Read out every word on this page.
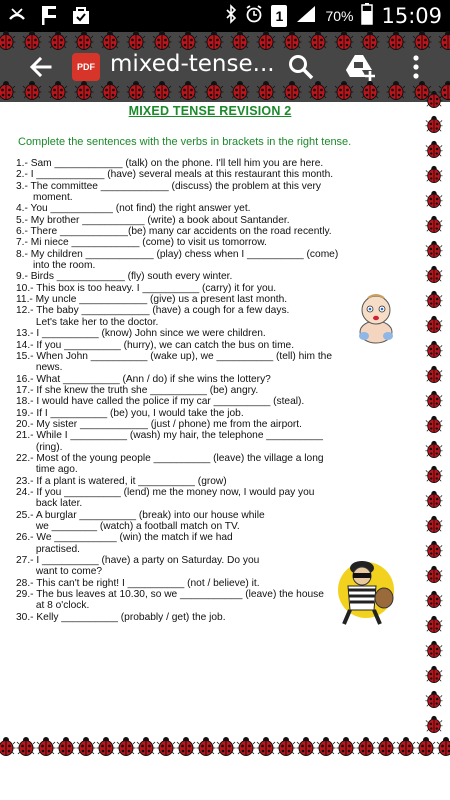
1	70% 15:09
PDF mixed-tense...
MIXED TENSE REVISION 2
Complete the sentences with the verbs in brackets in the right tense.
1.- Sam ____________ (talk) on the phone. I'll tell him you are here.
2.- I ____________ (have) several meals at this restaurant this month.
3.- The committee ____________ (discuss) the problem at this very
moment.
4.- You ___________ (not find) the right answer yet.
5.- My brother ___________ (write) a book about Santander.
6.- There ____________(be) many car accidents on the road recently.
7.- Mi niece ____________ (come) to visit us tomorrow.
8.- My children ____________ (play) chess when I __________ (come)
into the room.
9.- Birds ____________ (fly) south every winter.
10.- This box is too heavy. I __________ (carry) it for you.
11.- My uncle ____________ (give) us a present last month.
12.- The baby ____________ (have) a cough for a few days.
Let's take her to the doctor.
13.- I __________ (know) John since we were children.
14.- If you __________ (hurry), we can catch the bus on time.
15.- When John __________ (wake up), we __________ (tell) him the
news.
16.- What __________ (Ann / do) if she wins the lottery?
17.- If she knew the truth she __________ (be) angry.
18.- I would have called the police if my car __________ (steal).
19.- If I __________ (be) you, I would take the job.
20.- My sister ____________ (just / phone) me from the airport.
21.- While I __________ (wash) my hair, the telephone __________
(ring).
22.- Most of the young people __________ (leave) the village a long
time ago.
23.- If a plant is watered, it __________ (grow)
24.- If you __________ (lend) me the money now, I would pay you
back later.
25.- A burglar __________ (break) into our house while
we ________ (watch) a football match on TV.
26.- We ___________ (win) the match if we had
practised.
27.- I __________ (have) a party on Saturday. Do you
want to come?
28.- This can't be right! I __________ (not / believe) it.
29.- The bus leaves at 10.30, so we ___________ (leave) the house
at 8 o'clock.
30.- Kelly __________ (probably / get) the job.
